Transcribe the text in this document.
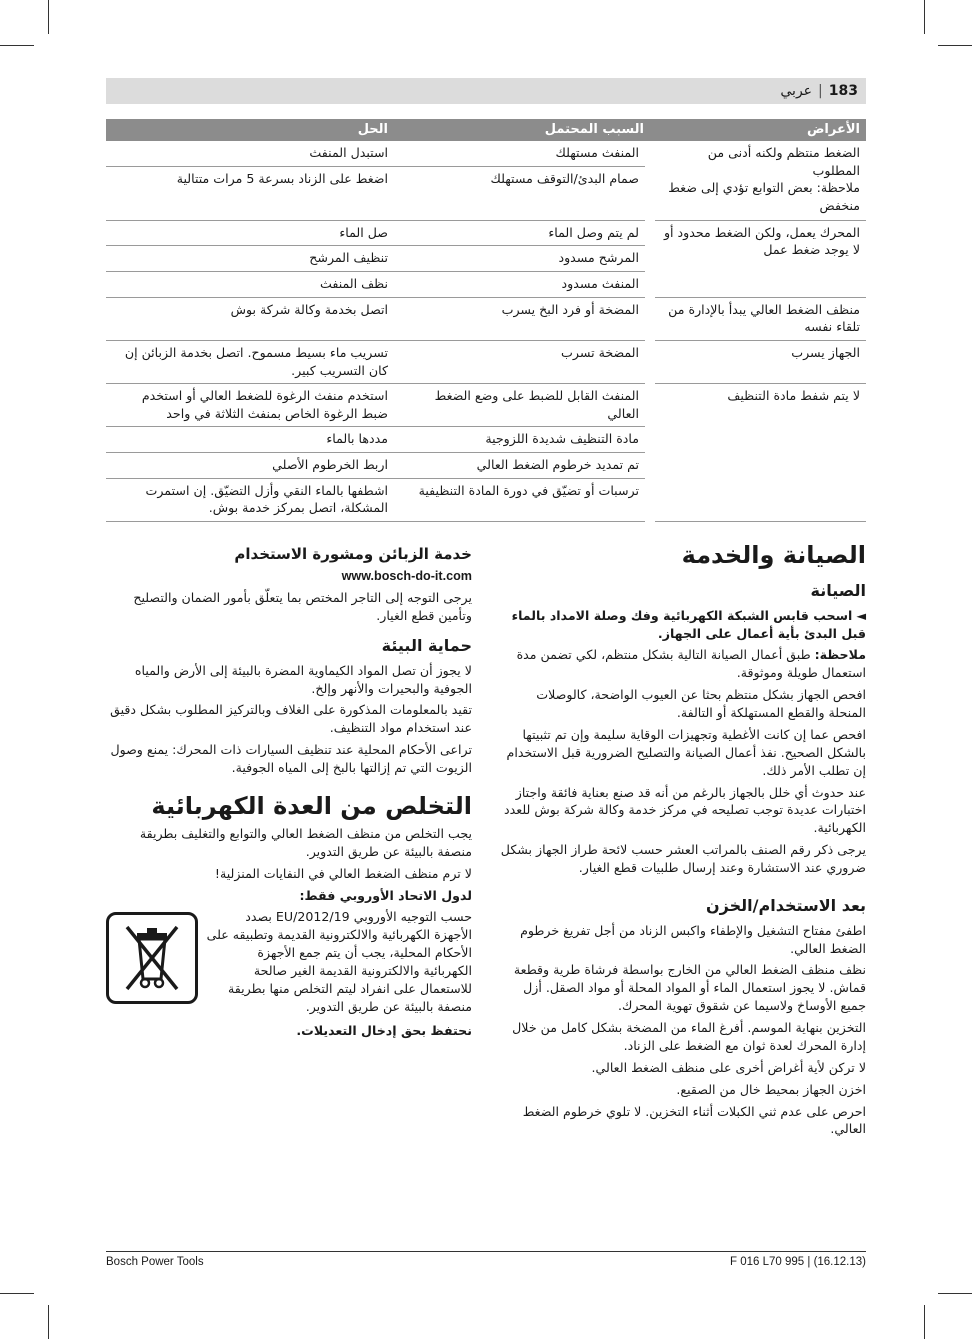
183
|
عربي
الأعراض	السبب المحتمل	الحل

الضغط منتظم ولكنه أدنى من المطلوب
ملاحظة: بعض التوابع تؤدي إلى ضغط منخفض	المنفث مستهلك	استبدل المنفث
	صمام البدئ/التوقف مستهلك	اضغط على الزناد بسرعة 5 مرات متتالية
المحرك يعمل، ولكن الضغط محدود أو لا يوجد ضغط عمل	لم يتم وصل الماء	صل الماء
	المرشح مسدود	تنظيف المرشح
	المنفث مسدود	نظف المنفث
منظف الضغط العالي يبدأ بالإدارة من تلقاء نفسه	المضخة أو فرد البخ يسرب	اتصل بخدمة وكالة شركة بوش
الجهاز يسرب	المضخة تسرب	تسريب ماء بسيط مسموح. اتصل بخدمة الزبائن إن كان التسريب كبير.
لا يتم شفط مادة التنظيف	المنفث القابل للضبط على وضع الضغط العالي	استخدم منفث الرغوة للضغط العالي أو استخدم ضبط الرغوة الخاص بمنفث الثلاثة في واحد
	مادة التنظيف شديدة اللزوجية	مددها بالماء
	تم تمديد خرطوم الضغط العالي	اربط الخرطوم الأصلي
	ترسبات أو تضيّق في دورة المادة التنظيفية	اشطفها بالماء النقي وأزل التضيّق. إن استمرت المشكلة، اتصل بمركز خدمة بوش.
الصيانة والخدمة
الصيانة

◄اسحب قابس الشبكة الكهربائية وفك وصلة الامداد بالماء قبل البدئ بأية أعمال على الجهاز.

ملاحظة: طبق أعمال الصيانة التالية بشكل منتظم، لكي تضمن مدة استعمال طويلة وموثوقة.

افحص الجهاز بشكل منتظم بحثا عن العيوب الواضحة، كالوصلات المنحلة والقطع المستهلكة أو التالفة.

افحص عما إن كانت الأغطية وتجهيزات الوقاية سليمة وإن تم تثبيتها بالشكل الصحيح. نفذ أعمال الصيانة والتصليح الضرورية قبل الاستخدام إن تطلب الأمر ذلك.

عند حدوث أي خلل بالجهاز بالرغم من أنه قد صنع بعناية فائقة واجتاز اختبارات عديدة توجب تصليحه في مركز خدمة وكالة شركة بوش للعدد الكهربائية.

يرجى ذكر رقم الصنف بالمراتب العشر حسب لائحة طراز الجهاز بشكل ضروري عند الاستشارة وعند إرسال طلبيات قطع الغيار.

بعد الاستخدام/الخزن

اطفئ مفتاح التشغيل والإطفاء واكبس الزناد من أجل تفريغ خرطوم الضغط العالي.

نظف منظف الضغط العالي من الخارج بواسطة فرشاة طرية وقطعة قماش. لا يجوز استعمال الماء أو المواد المحلة أو مواد الصقل. أزل جميع الأوساخ ولاسيما عن شقوق تهوية المحرك.

التخزين بنهاية الموسم. أفرغ الماء من المضخة بشكل كامل من خلال إدارة المحرك لعدة ثوان مع الضغط على الزناد.

لا تركن لأية أغراض أخرى على منظف الضغط العالي.

اخزن الجهاز بمحيط خال من الصقيع.

احرص على عدم ثني الكبلات أثناء التخزين. لا تلوي خرطوم الضغط العالي.

خدمة الزبائن ومشورة الاستخدام
www.bosch-do-it.com

يرجى التوجه إلى التاجر المختص بما يتعلّق بأمور الضمان والتصليح وتأمين قطع الغيار.

حماية البيئة

لا يجوز أن تصل المواد الكيماوية المضرة بالبيئة إلى الأرض والمياه الجوفية والبحيرات والأنهر وإلخ.

تقيد بالمعلومات المذكورة على الغلاف وبالتركيز المطلوب بشكل دقيق عند استخدام مواد التنظيف.

تراعى الأحكام المحلية عند تنظيف السيارات ذات المحرك: يمنع وصول الزيوت التي تم إزالتها بالبخ إلى المياه الجوفية.

التخلص من العدة الكهربائية

يجب التخلص من منظف الضغط العالي والتوابع والتغليف بطريقة منصفة بالبيئة عن طريق التدوير.

لا ترم منظف الضغط العالي في النفايات المنزلية!

لدول الاتحاد الأوروبي فقط:

حسب التوجيه الأوروبي 2012/19/EU بصدد الأجهزة الكهربائية والالكترونية القديمة وتطبيقه على الأحكام المحلية، يجب أن يتم جمع الأجهزة الكهربائية والالكترونية القديمة الغير صالحة للاستعمال على انفراد ليتم التخلص منها بطريقة منصفة بالبيئة عن طريق التدوير.

نحتفظ بحق إدخال التعديلات.

Bosch Power Tools	F 016 L70 995 | (16.12.13)
